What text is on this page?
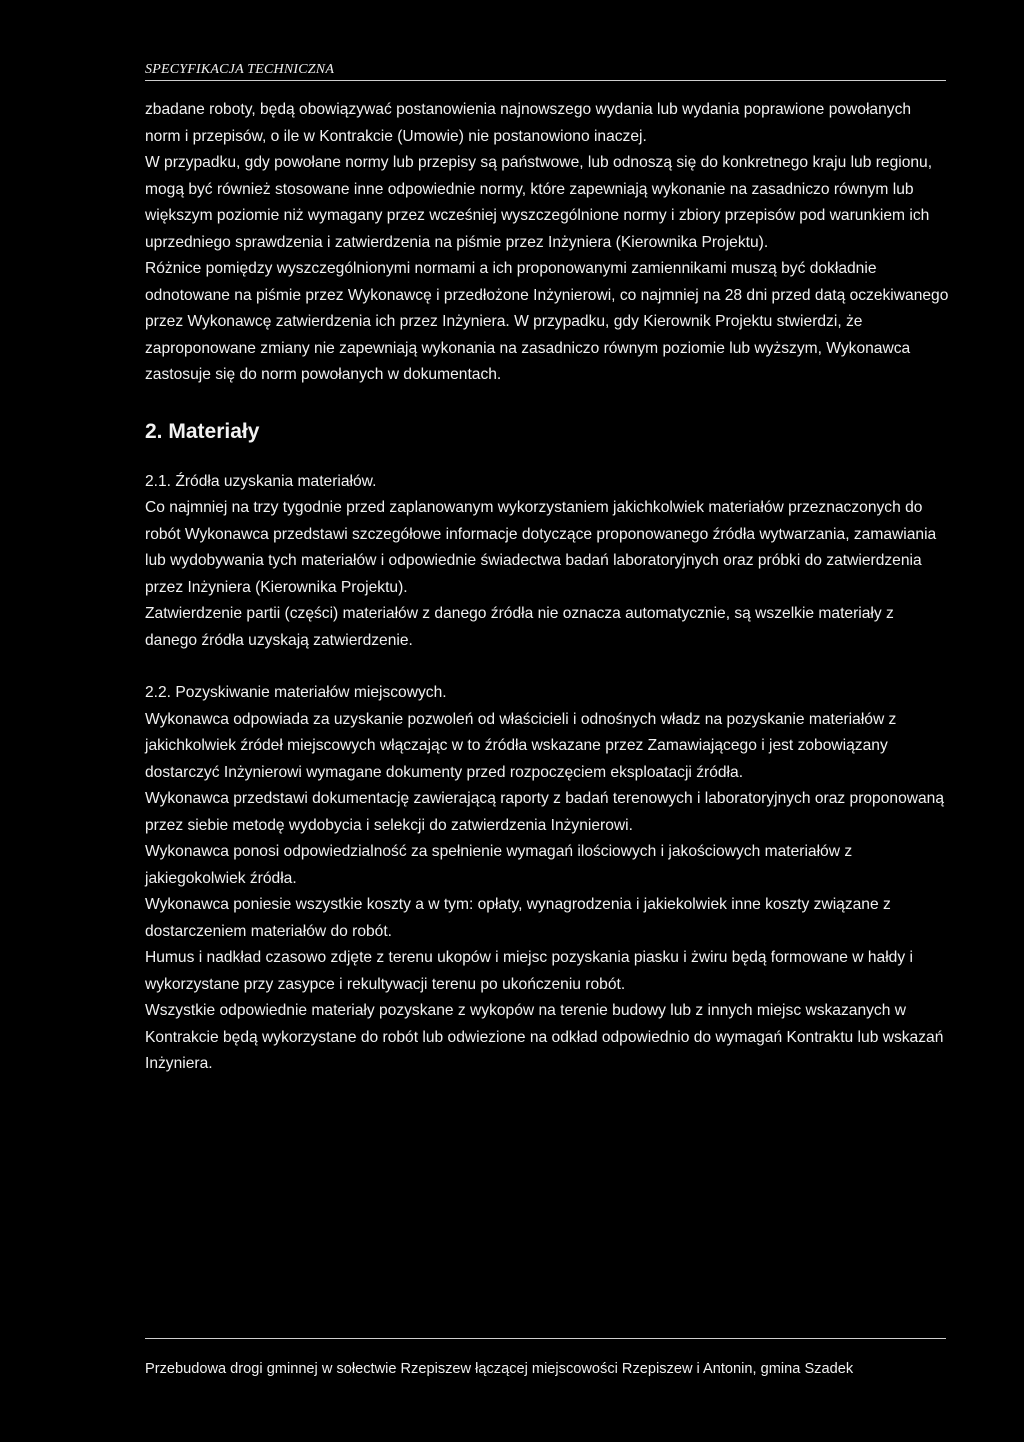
SPECYFIKACJA TECHNICZNA

zbadane roboty, będą obowiązywać postanowienia najnowszego wydania lub wydania poprawione powołanych norm i przepisów, o ile w Kontrakcie (Umowie) nie postanowiono inaczej.

W przypadku, gdy powołane normy lub przepisy są państwowe, lub odnoszą się do konkretnego kraju lub regionu, mogą być również stosowane inne odpowiednie normy, które zapewniają wykonanie na zasadniczo równym lub większym poziomie niż wymagany przez wcześniej wyszczególnione normy i zbiory przepisów pod warunkiem ich uprzedniego sprawdzenia i zatwierdzenia na piśmie przez Inżyniera (Kierownika Projektu).

Różnice pomiędzy wyszczególnionymi normami a ich proponowanymi zamiennikami muszą być dokładnie odnotowane na piśmie przez Wykonawcę i przedłożone Inżynierowi, co najmniej na 28 dni przed datą oczekiwanego przez Wykonawcę zatwierdzenia ich przez Inżyniera. W przypadku, gdy Kierownik Projektu stwierdzi, że zaproponowane zmiany nie zapewniają wykonania na zasadniczo równym poziomie lub wyższym, Wykonawca zastosuje się do norm powołanych w dokumentach.

2. Materiały

2.1. Źródła uzyskania materiałów.

Co najmniej na trzy tygodnie przed zaplanowanym wykorzystaniem jakichkolwiek materiałów przeznaczonych do robót Wykonawca przedstawi szczegółowe informacje dotyczące proponowanego źródła wytwarzania, zamawiania lub wydobywania tych materiałów i odpowiednie świadectwa badań laboratoryjnych oraz próbki do zatwierdzenia przez Inżyniera (Kierownika Projektu).

Zatwierdzenie partii (części) materiałów z danego źródła nie oznacza automatycznie, są wszelkie materiały z danego źródła uzyskają zatwierdzenie.

2.2. Pozyskiwanie materiałów miejscowych.

Wykonawca odpowiada za uzyskanie pozwoleń od właścicieli i odnośnych władz na pozyskanie materiałów z jakichkolwiek źródeł miejscowych włączając w to źródła wskazane przez Zamawiającego i jest zobowiązany dostarczyć Inżynierowi wymagane dokumenty przed rozpoczęciem eksploatacji źródła.

Wykonawca przedstawi dokumentację zawierającą raporty z badań terenowych i laboratoryjnych oraz proponowaną przez siebie metodę wydobycia i selekcji do zatwierdzenia Inżynierowi.

Wykonawca ponosi odpowiedzialność za spełnienie wymagań ilościowych i jakościowych materiałów z jakiegokolwiek źródła.

Wykonawca poniesie wszystkie koszty a w tym: opłaty, wynagrodzenia i jakiekolwiek inne koszty związane z dostarczeniem materiałów do robót.

Humus i nadkład czasowo zdjęte z terenu ukopów i miejsc pozyskania piasku i żwiru będą formowane w hałdy i wykorzystane przy zasypce i rekultywacji terenu po ukończeniu robót.

Wszystkie odpowiednie materiały pozyskane z wykopów na terenie budowy lub z innych miejsc wskazanych w Kontrakcie będą wykorzystane do robót lub odwiezione na odkład odpowiednio do wymagań Kontraktu lub wskazań Inżyniera.

Przebudowa drogi gminnej w sołectwie Rzepiszew łączącej miejscowości Rzepiszew i Antonin, gmina Szadek
